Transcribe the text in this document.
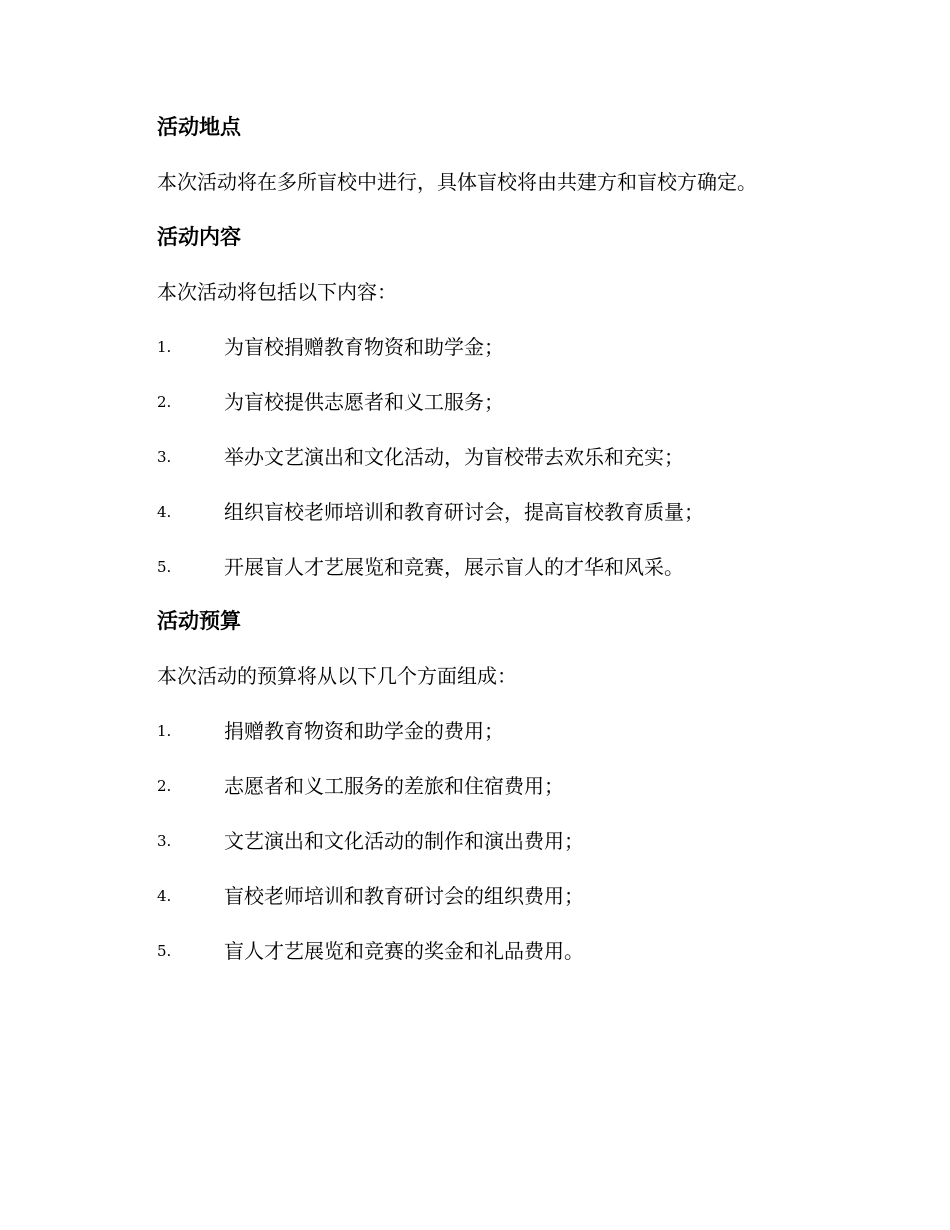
活动地点
本次活动将在多所盲校中进行，具体盲校将由共建方和盲校方确定。
活动内容
本次活动将包括以下内容：
1.	为盲校捐赠教育物资和助学金；
2.	为盲校提供志愿者和义工服务；
3.	举办文艺演出和文化活动，为盲校带去欢乐和充实；
4.	组织盲校老师培训和教育研讨会，提高盲校教育质量；
5.	开展盲人才艺展览和竞赛，展示盲人的才华和风采。
活动预算
本次活动的预算将从以下几个方面组成：
1.	捐赠教育物资和助学金的费用；
2.	志愿者和义工服务的差旅和住宿费用；
3.	文艺演出和文化活动的制作和演出费用；
4.	盲校老师培训和教育研讨会的组织费用；
5.	盲人才艺展览和竞赛的奖金和礼品费用。
